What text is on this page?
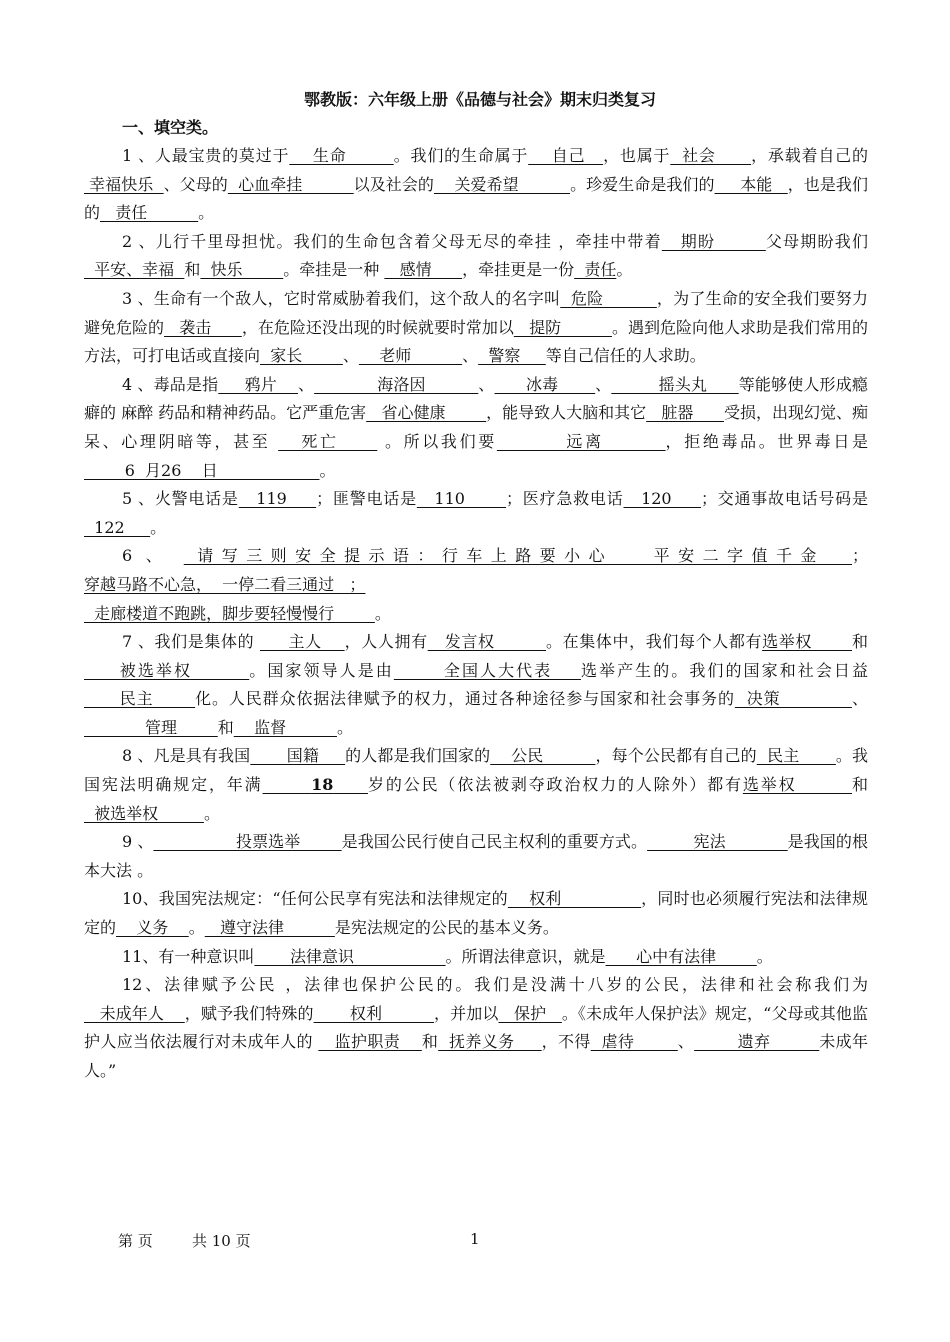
鄂教版：六年级上册《品德与社会》期末归类复习

一、填空类。

1 、人最宝贵的莫过于    生命        。我们的生命属于    自己   ，也属于  社会      ，承载着自己的  幸福快乐  、父母的  心血牵挂          以及社会的    关爱希望          。珍爱生命是我们的     本能   ，也是我们的   责任          。

2 、儿行千里母担忧。我们的生命包含着父母无尽的牵挂 ，牵挂中带着   期盼        父母期盼我们  平安、幸福  和  快乐        。牵挂是一种    感情      ，牵挂更是一份  责任。

3 、生命有一个敌人，它时常威胁着我们，这个敌人的名字叫  危险          ，为了生命的安全我们要努力避免危险的   袭击      ，在危险还没出现的时候就要时常加以   提防          。遇到危险向他人求助是我们常用的方法，可打电话或直接向  家长        、    老师          、  警察     等自己信任的人求助。

4 、毒品是指     鸦片    、            海洛因          、      冰毒       、         摇头丸      等能够使人形成瘾癖的 麻醉 药品和精神药品。它严重危害   省心健康        ，能导致人大脑和其它   脏器      受损，出现幻觉、痴呆、心理阴暗等，甚至    死亡      。所以我们要         远离        ，拒绝毒品。世界毒日是        6  月26    日                    。

5 、火警电话是   119     ；匪警电话是   110       ；医疗急救电话   120     ；交通事故电话号码是  122     。

6 、  请写三则安全提示语：行车上路要小心   平安二字值千金  ；穿越马路不心急，  一停二看三通过   ；
走廊楼道不跑跳，脚步要轻慢慢行        。

7 、我们是集体的      主人    ，人人拥有   发言权         。在集体中，我们每个人都有选举权       和     被选举权        。国家领导人是由       全国人大代表    选举产生的。我们的国家和社会日益      民主       化。人民群众依据法律赋予的权力，通过各种途径参与国家和社会事务的  决策            、            管理        和    监督          。

8 、凡是具有我国       国籍     的人都是我们国家的    公民          ，每个公民都有自己的  民主       。我国宪法明确规定，年满	18 岁的公民（依法被剥夺政治权力的人除外）都有选举权        和  被选举权         。

9 、                投票选举        是我国公民行使自己民主权利的重要方式。         宪法            是我国的根本大法 。

10、我国宪法规定：“任何公民享有宪法和法律规定的    权利               ，同时也必须履行宪法和法律规定的    义务    。   遵守法律          是宪法规定的公民的基本义务。

11、有一种意识叫       法律意识                  。所谓法律意识，就是      心中有法律        。

12、法律赋予公民 ，法律也保护公民的。我们是没满十八岁的公民，法律和社会称我们为   未成年人    ，赋予我们特殊的       权利          ，并加以   保护   。《未成年人保护法》规定，“父母或其他监护人应当依法履行对未成年人的    监护职责    和  抚养义务     ，不得  虐待        、        遗弃         未成年人。”

第 页	共 10 页	1
